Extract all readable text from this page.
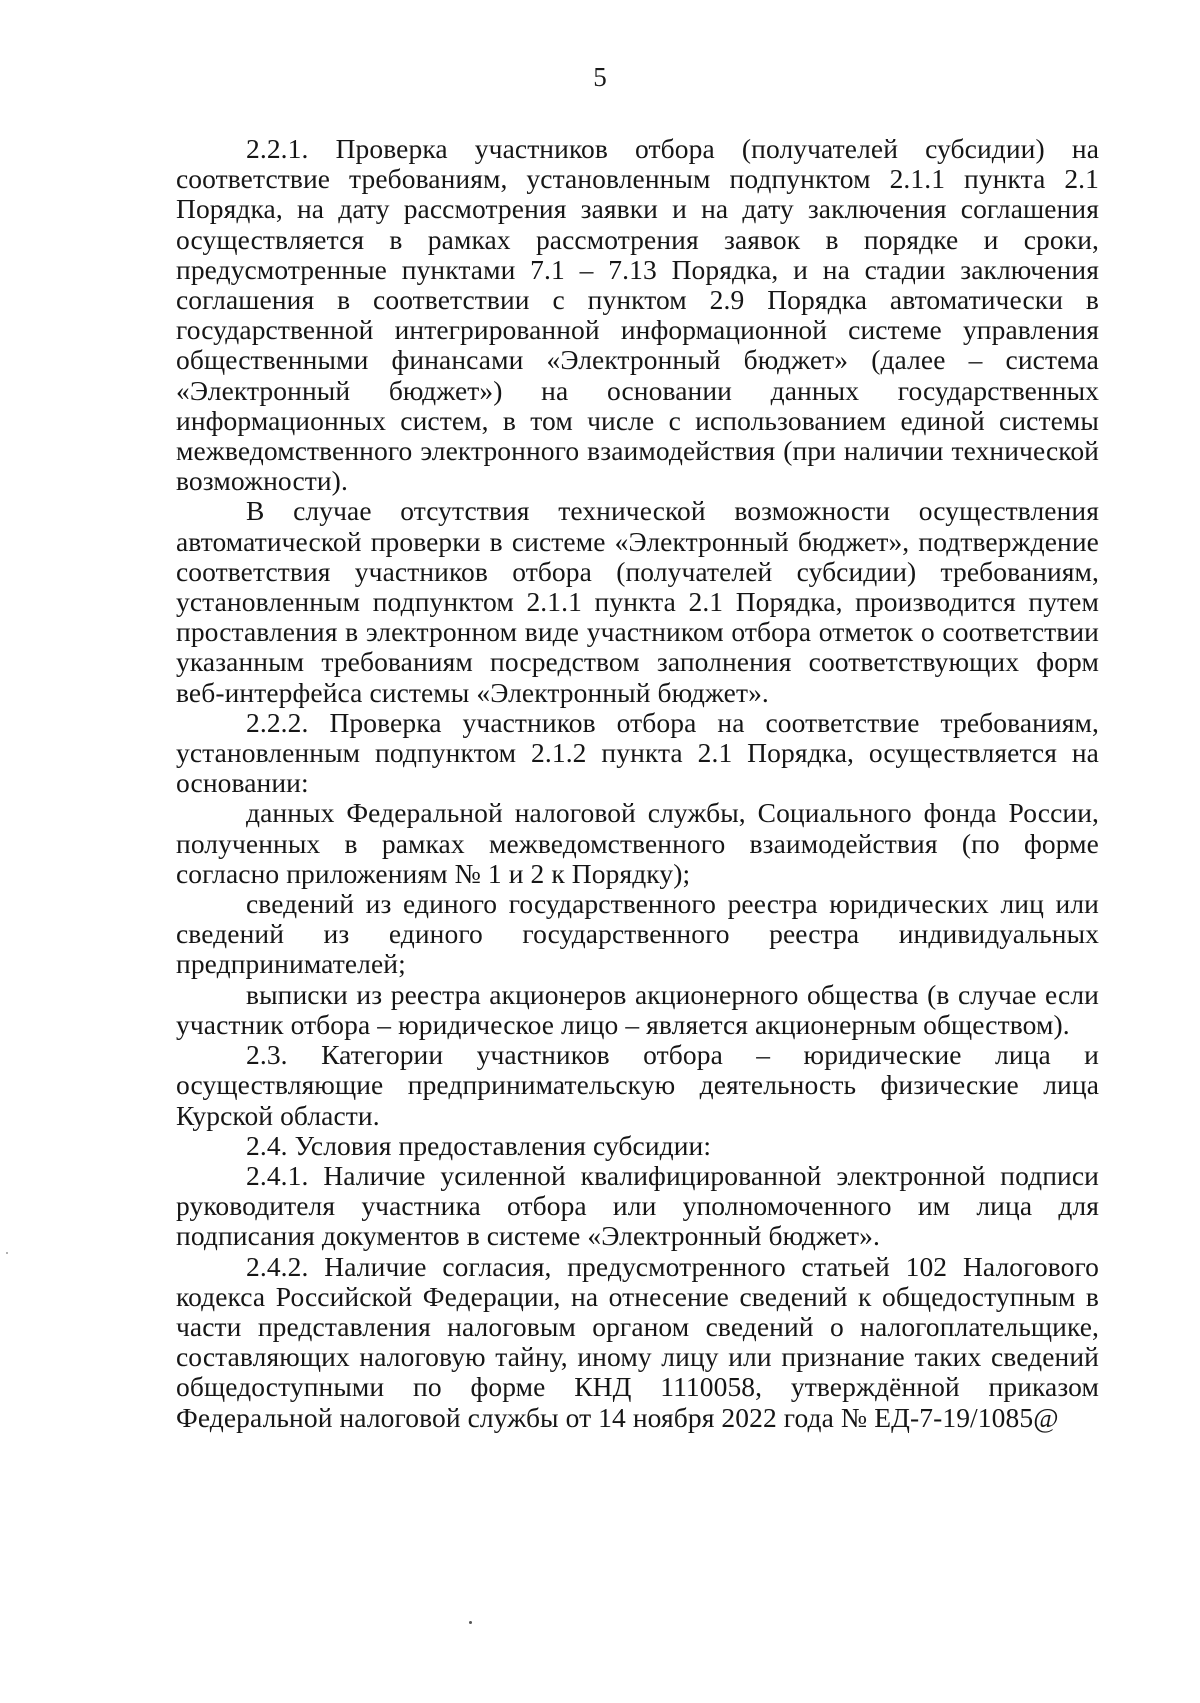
5

2.2.1. Проверка участников отбора (получателей субсидии) на соответствие требованиям, установленным подпунктом 2.1.1 пункта 2.1 Порядка, на дату рассмотрения заявки и на дату заключения соглашения осуществляется в рамках рассмотрения заявок в порядке и сроки, предусмотренные пунктами 7.1 – 7.13 Порядка, и на стадии заключения соглашения в соответствии с пунктом 2.9 Порядка автоматически в государственной интегрированной информационной системе управления общественными финансами «Электронный бюджет» (далее – система «Электронный бюджет») на основании данных государственных информационных систем, в том числе с использованием единой системы межведомственного электронного взаимодействия (при наличии технической возможности).

В случае отсутствия технической возможности осуществления автоматической проверки в системе «Электронный бюджет», подтверждение соответствия участников отбора (получателей субсидии) требованиям, установленным подпунктом 2.1.1 пункта 2.1 Порядка, производится путем проставления в электронном виде участником отбора отметок о соответствии указанным требованиям посредством заполнения соответствующих форм веб-интерфейса системы «Электронный бюджет».

2.2.2. Проверка участников отбора на соответствие требованиям, установленным подпунктом 2.1.2 пункта 2.1 Порядка, осуществляется на основании:

данных Федеральной налоговой службы, Социального фонда России, полученных в рамках межведомственного взаимодействия (по форме согласно приложениям № 1 и 2 к Порядку);

сведений из единого государственного реестра юридических лиц или сведений из единого государственного реестра индивидуальных предпринимателей;

выписки из реестра акционеров акционерного общества (в случае если участник отбора – юридическое лицо – является акционерным обществом).

2.3. Категории участников отбора – юридические лица и осуществляющие предпринимательскую деятельность физические лица Курской области.

2.4. Условия предоставления субсидии:

2.4.1. Наличие усиленной квалифицированной электронной подписи руководителя участника отбора или уполномоченного им лица для подписания документов в системе «Электронный бюджет».

2.4.2. Наличие согласия, предусмотренного статьей 102 Налогового кодекса Российской Федерации, на отнесение сведений к общедоступным в части представления налоговым органом сведений о налогоплательщике, составляющих налоговую тайну, иному лицу или признание таких сведений общедоступными по форме КНД 1110058, утверждённой приказом Федеральной налоговой службы от 14 ноября 2022 года № ЕД-7-19/1085@
